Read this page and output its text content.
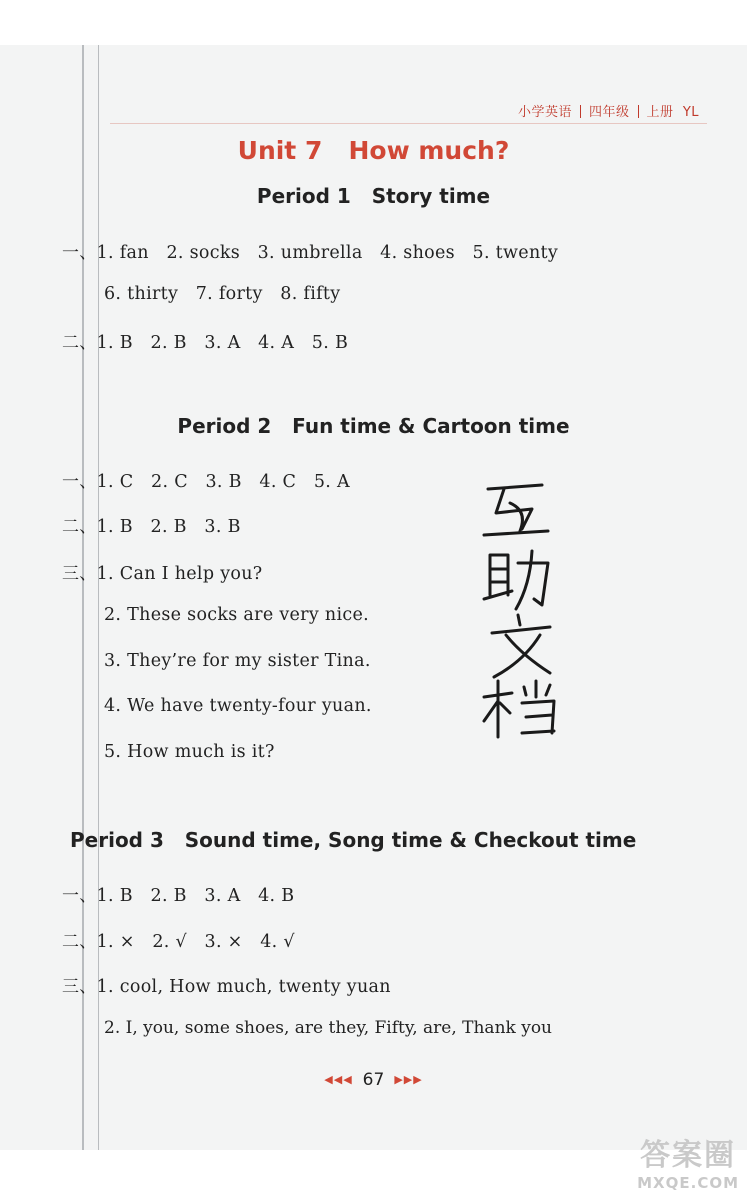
小学英语 四年级 上册 YL
Unit 7   How much?
Period 1   Story time
一、1. fan   2. socks   3. umbrella   4. shoes   5. twenty
6. thirty   7. forty   8. fifty
二、1. B   2. B   3. A   4. A   5. B
Period 2   Fun time & Cartoon time
一、1. C   2. C   3. B   4. C   5. A
二、1. B   2. B   3. B
三、1. Can I help you?
2. These socks are very nice.
3. They’re for my sister Tina.
4. We have twenty-four yuan.
5. How much is it?
Period 3   Sound time, Song time & Checkout time
一、1. B   2. B   3. A   4. B
二、1. ×   2. √   3. ×   4. √
三、1. cool, How much, twenty yuan
2. I, you, some shoes, are they, Fifty, are, Thank you
◀◀◀ 67 ▶▶▶
答案圈
MXQE.COM
